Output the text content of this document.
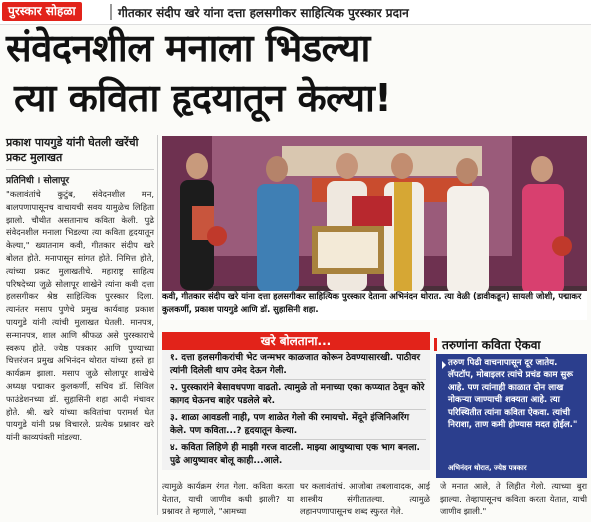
पुरस्कार सोहळा	गीतकार संदीप खरे यांना दत्ता हलसगीकर साहित्यिक पुरस्कार प्रदान
संवेदनशील मनाला भिडल्या
त्या कविता हृदयातून केल्या!
प्रकाश पायगुडे यांनी घेतली खरेंची प्रकट मुलाखत
प्रतिनिधी । सोलापूर
"कलावंतांचे कुटुंब, संवेदनशील मन, बालपणापासूनच वाचायची सवय यामुळेच लिहिता झालो. चौथीत असतानाच कविता केली. पुढे संवेदनशील मनाला भिडल्या त्या कविता हृदयातून केल्या," ख्यातनाम कवी, गीतकार संदीप खरे बोलत होते. मनापासून सांगत होते. निमित्त होते, त्यांच्या प्रकट मुलाखतीचे. महाराष्ट्र साहित्य परिषदेच्या जुळे सोलापूर शाखेने त्यांना कवी दत्ता हलसगीकर श्रेष्ठ साहित्यिक पुरस्कार दिला. त्यानंतर मसाप पुणेचे प्रमुख कार्यवाह प्रकाश पायगुडे यांनी त्यांची मुलाखत घेतली. मानपत्र, सन्मानपत्र, शाल आणि श्रीफळ असे पुरस्काराचे स्वरूप होते. ज्येष्ठ पत्रकार आणि पुण्याच्या चित्तरंजन प्रमुख अभिनंदन थोरात यांच्या हस्ते हा कार्यक्रम झाला. मसाप जुळे सोलापूर शाखेचे अध्यक्ष पद्माकर कुलकर्णी, सचिव डॉ. सिविल फाउंडेशनच्या डॉ. सुहासिनी शहा आदी मंचावर होते. श्री. खरे यांच्या कवितांचा परामर्श घेत पायगुडे यांनी प्रश्न विचारले. प्रत्येक प्रश्नावर खरे यांनी काव्यपंक्ती मांडल्या.
कवी, गीतकार संदीप खरे यांना दत्ता हलसगीकर साहित्यिक पुरस्कार देताना अभिनंदन थोरात. त्या वेळी (डावीकडून) सायली जोशी, पद्माकर कुलकर्णी, प्रकाश पायगुडे आणि डॉ. सुहासिनी शहा.
खरे बोलताना...
१. दत्ता हलसगीकरांची भेट जन्मभर काळजात कोरून ठेवण्यासारखी. पाठीवर त्यांनी दिलेली थाप उमेद देऊन गेली.
२. पुरस्कारांने बेसावधपणा वाढतो. त्यामुळे तो मनाच्या एका कप्प्यात ठेवून कोरे कागद घेऊनच बाहेर पडलेले बरे.
३. शाळा आवडली नाही, पण शाळेत गेलो की रमायचो. मेंदूने इंजिनिअरिंग केले. पण कविता...? हृदयातून केल्या.
४. कविता लिहिणे ही माझी गरज वाटली. माझ्या आयुष्याचा एक भाग बनला. पुढे आयुष्यावर बोलू काही...आले.
तरुणांना कविता ऐकवा
तरुण पिढी वाचनापासून दूर जातेय. लॅपटॉप, मोबाइलर त्यांचे प्रचंड काम सुरू आहे. पण त्यांनाही काळात दोन लाख नोकऱ्या जाण्याची शक्यता आहे. त्या परिस्थितीत त्यांना कविता ऐकवा. त्यांची निराशा, ताण कमी होण्यास मदत होईल."
अभिनंदन थोरात, ज्येष्ठ पत्रकार
त्यामुळे कार्यक्रम रंगत गेला. कविता करता येतात, याची जाणीव कधी झाली? या प्रश्नावर ते म्हणाले, "आमच्या
घर कलावंतांचं. आजोबा तबलावादक, आई शास्त्रीय संगीतातल्या. त्यामुळे लहानपणापासूनच शब्द स्फुरत गेले.
जे मनात आले, ते लिहीत गेलो. त्याच्या बुरा झाल्या. तेव्हापासूनच कविता करता येतात, याची जाणीव झाली."
